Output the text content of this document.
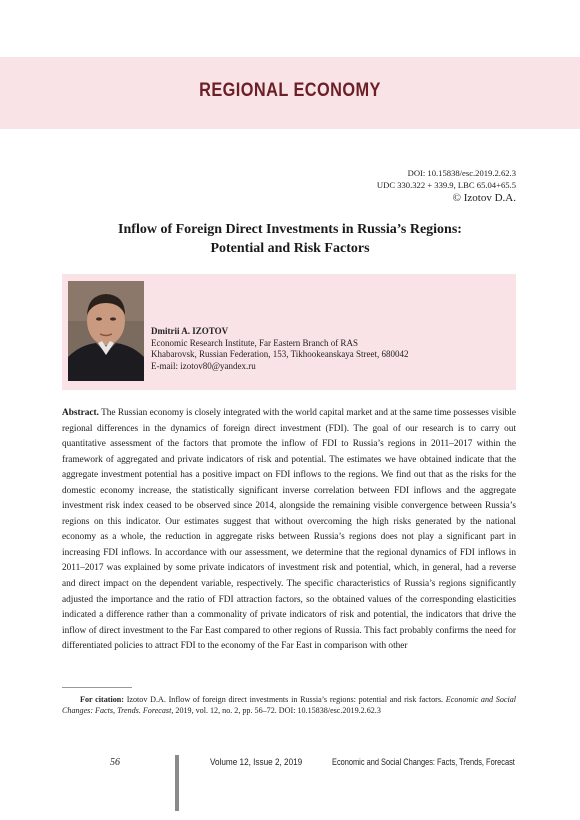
REGIONAL ECONOMY
DOI: 10.15838/esc.2019.2.62.3
UDC 330.322 + 339.9, LBC 65.04+65.5
© Izotov D.A.
Inflow of Foreign Direct Investments in Russia’s Regions:
Potential and Risk Factors
Dmitrii A. IZOTOV
Economic Research Institute, Far Eastern Branch of RAS
Khabarovsk, Russian Federation, 153, Tikhookeanskaya Street, 680042
E-mail: izotov80@yandex.ru
Abstract. The Russian economy is closely integrated with the world capital market and at the same time possesses visible regional differences in the dynamics of foreign direct investment (FDI). The goal of our research is to carry out quantitative assessment of the factors that promote the inflow of FDI to Russia’s regions in 2011–2017 within the framework of aggregated and private indicators of risk and potential. The estimates we have obtained indicate that the aggregate investment potential has a positive impact on FDI inflows to the regions. We find out that as the risks for the domestic economy increase, the statistically significant inverse correlation between FDI inflows and the aggregate investment risk index ceased to be observed since 2014, alongside the remaining visible convergence between Russia’s regions on this indicator. Our estimates suggest that without overcoming the high risks generated by the national economy as a whole, the reduction in aggregate risks between Russia’s regions does not play a significant part in increasing FDI inflows. In accordance with our assessment, we determine that the regional dynamics of FDI inflows in 2011–2017 was explained by some private indicators of investment risk and potential, which, in general, had a reverse and direct impact on the dependent variable, respectively. The specific characteristics of Russia’s regions significantly adjusted the importance and the ratio of FDI attraction factors, so the obtained values of the corresponding elasticities indicated a difference rather than a commonality of private indicators of risk and potential, the indicators that drive the inflow of direct investment to the Far East compared to other regions of Russia. This fact probably confirms the need for differentiated policies to attract FDI to the economy of the Far East in comparison with other
For citation: Izotov D.A. Inflow of foreign direct investments in Russia’s regions: potential and risk factors. Economic and Social Changes: Facts, Trends. Forecast, 2019, vol. 12, no. 2, pp. 56–72. DOI: 10.15838/esc.2019.2.62.3
56	Volume 12, Issue 2, 2019	Economic and Social Changes: Facts, Trends, Forecast
